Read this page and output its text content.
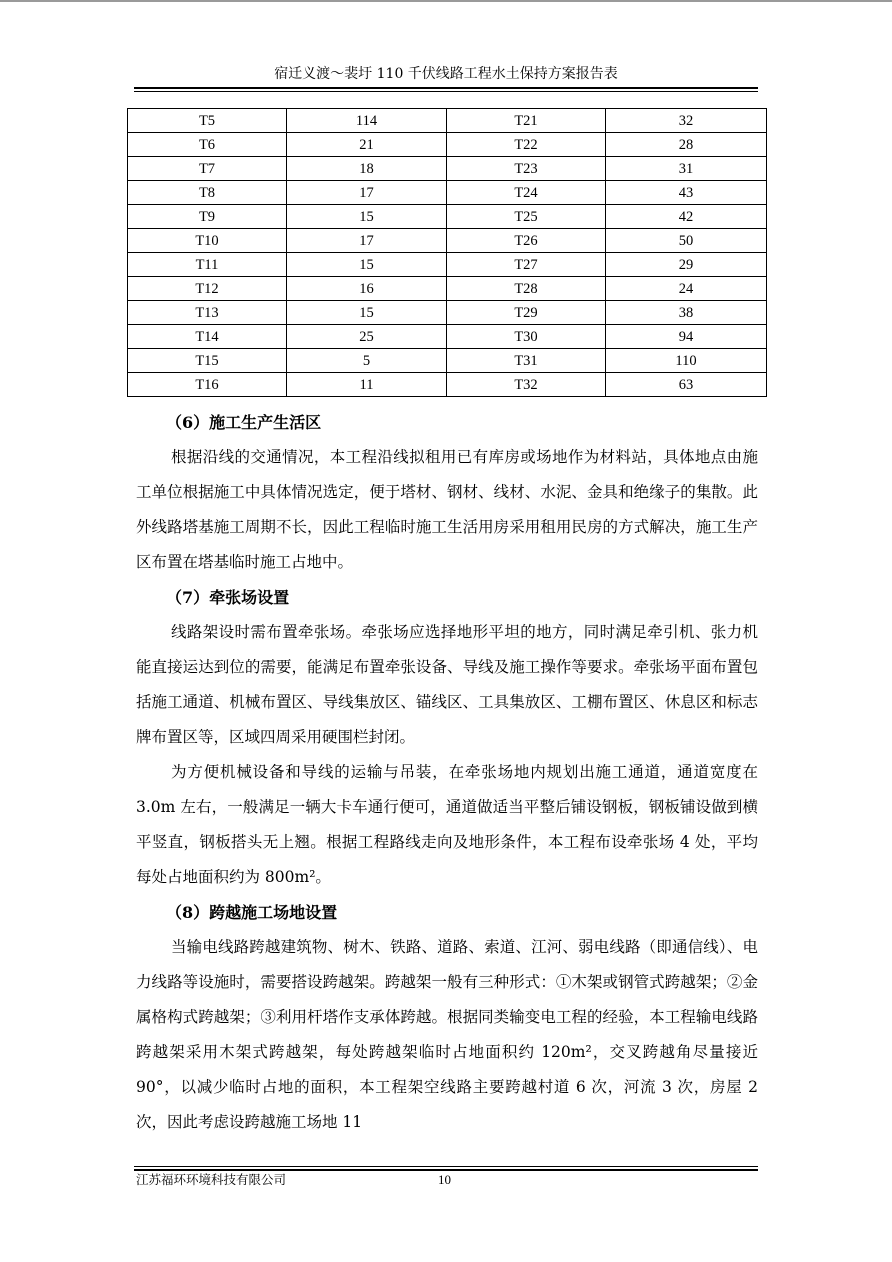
宿迁义渡～裴圩 110 千伏线路工程水土保持方案报告表
T5	114	T21	32
T6	21	T22	28
T7	18	T23	31
T8	17	T24	43
T9	15	T25	42
T10	17	T26	50
T11	15	T27	29
T12	16	T28	24
T13	15	T29	38
T14	25	T30	94
T15	5	T31	110
T16	11	T32	63
（6）施工生产生活区

根据沿线的交通情况，本工程沿线拟租用已有库房或场地作为材料站，具体地点由施工单位根据施工中具体情况选定，便于塔材、钢材、线材、水泥、金具和绝缘子的集散。此外线路塔基施工周期不长，因此工程临时施工生活用房采用租用民房的方式解决，施工生产区布置在塔基临时施工占地中。

（7）牵张场设置

线路架设时需布置牵张场。牵张场应选择地形平坦的地方，同时满足牵引机、张力机能直接运达到位的需要，能满足布置牵张设备、导线及施工操作等要求。牵张场平面布置包括施工通道、机械布置区、导线集放区、锚线区、工具集放区、工棚布置区、休息区和标志牌布置区等，区域四周采用硬围栏封闭。

为方便机械设备和导线的运输与吊装，在牵张场地内规划出施工通道，通道宽度在 3.0m 左右，一般满足一辆大卡车通行便可，通道做适当平整后铺设钢板，钢板铺设做到横平竖直，钢板搭头无上翘。根据工程路线走向及地形条件，本工程布设牵张场 4 处，平均每处占地面积约为 800m²。

（8）跨越施工场地设置

当输电线路跨越建筑物、树木、铁路、道路、索道、江河、弱电线路（即通信线）、电力线路等设施时，需要搭设跨越架。跨越架一般有三种形式：①木架或钢管式跨越架；②金属格构式跨越架；③利用杆塔作支承体跨越。根据同类输变电工程的经验，本工程输电线路跨越架采用木架式跨越架，每处跨越架临时占地面积约 120m²，交叉跨越角尽量接近 90°，以减少临时占地的面积，本工程架空线路主要跨越村道 6 次，河流 3 次，房屋 2 次，因此考虑设跨越施工场地 11

江苏福环环境科技有限公司	10
